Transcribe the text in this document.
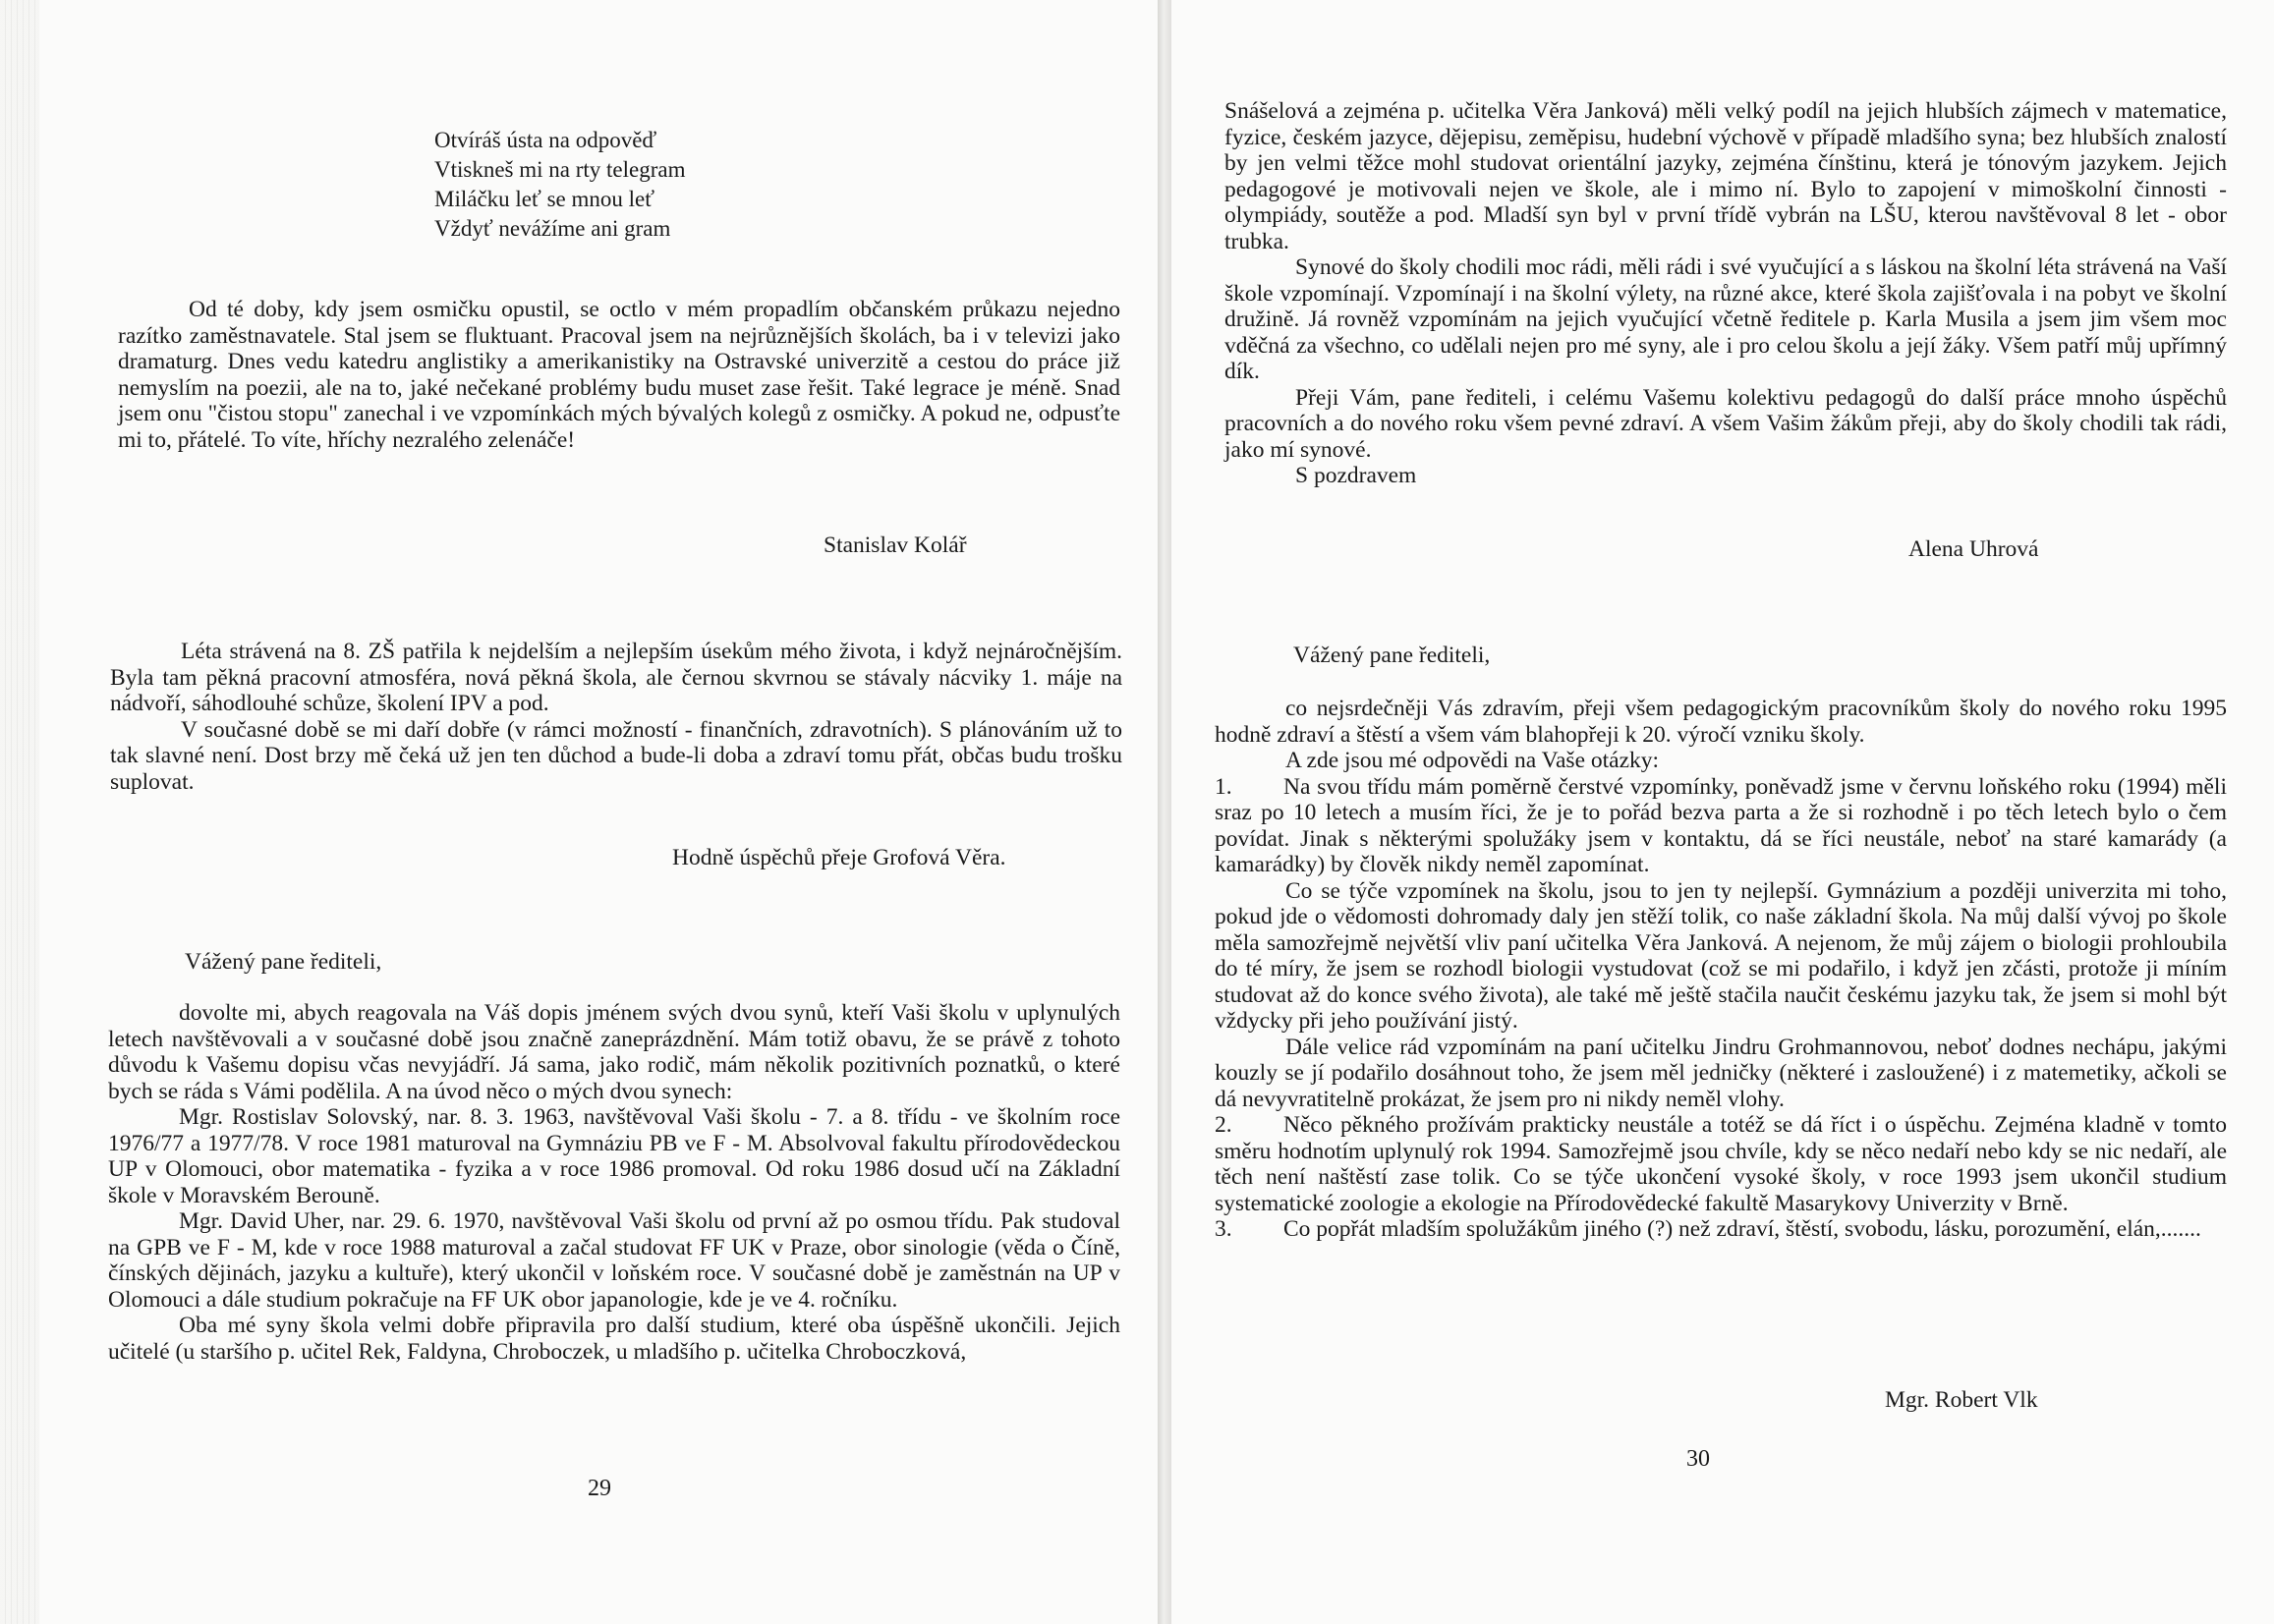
Otvíráš ústa na odpověď
Vtiskneš mi na rty telegram
Miláčku leť se mnou leť
Vždyť nevážíme ani gram

Od té doby, kdy jsem osmičku opustil, se octlo v mém propadlím občanském průkazu nejedno razítko zaměstnavatele. Stal jsem se fluktuant. Pracoval jsem na nejrůznějších školách, ba i v televizi jako dramaturg. Dnes vedu katedru anglistiky a amerikanistiky na Ostravské univerzitě a cestou do práce již nemyslím na poezii, ale na to, jaké nečekané problémy budu muset zase řešit. Také legrace je méně. Snad jsem onu "čistou stopu" zanechal i ve vzpomínkách mých bývalých kolegů z osmičky. A pokud ne, odpusťte mi to, přátelé. To víte, hříchy nezralého zelenáče!

Stanislav Kolář

Léta strávená na 8. ZŠ patřila k nejdelším a nejlepším úsekům mého života, i když nejnáročnějším. Byla tam pěkná pracovní atmosféra, nová pěkná škola, ale černou skvrnou se stávaly nácviky 1. máje na nádvoří, sáhodlouhé schůze, školení IPV a pod.

V současné době se mi daří dobře (v rámci možností - finančních, zdravotních). S plánováním už to tak slavné není. Dost brzy mě čeká už jen ten důchod a bude-li doba a zdraví tomu přát, občas budu trošku suplovat.

Hodně úspěchů přeje Grofová Věra.
Vážený pane řediteli,

dovolte mi, abych reagovala na Váš dopis jménem svých dvou synů, kteří Vaši školu v uplynulých letech navštěvovali a v současné době jsou značně zaneprázdnění. Mám totiž obavu, že se právě z tohoto důvodu k Vašemu dopisu včas nevyjádří. Já sama, jako rodič, mám několik pozitivních poznatků, o které bych se ráda s Vámi podělila. A na úvod něco o mých dvou synech:

Mgr. Rostislav Solovský, nar. 8. 3. 1963, navštěvoval Vaši školu - 7. a 8. třídu - ve školním roce 1976/77 a 1977/78. V roce 1981 maturoval na Gymnáziu PB ve F - M. Absolvoval fakultu přírodovědeckou UP v Olomouci, obor matematika - fyzika a v roce 1986 promoval. Od roku 1986 dosud učí na Základní škole v Moravském Berouně.

Mgr. David Uher, nar. 29. 6. 1970, navštěvoval Vaši školu od první až po osmou třídu. Pak studoval na GPB ve F - M, kde v roce 1988 maturoval a začal studovat FF UK v Praze, obor sinologie (věda o Číně, čínských dějinách, jazyku a kultuře), který ukončil v loňském roce. V současné době je zaměstnán na UP v Olomouci a dále studium pokračuje na FF UK obor japanologie, kde je ve 4. ročníku.

Oba mé syny škola velmi dobře připravila pro další studium, které oba úspěšně ukončili. Jejich učitelé (u staršího p. učitel Rek, Faldyna, Chroboczek, u mladšího p. učitelka Chroboczková,

29

Snášelová a zejména p. učitelka Věra Janková) měli velký podíl na jejich hlubších zájmech v matematice, fyzice, českém jazyce, dějepisu, zeměpisu, hudební výchově v případě mladšího syna; bez hlubších znalostí by jen velmi těžce mohl studovat orientální jazyky, zejména čínštinu, která je tónovým jazykem. Jejich pedagogové je motivovali nejen ve škole, ale i mimo ní. Bylo to zapojení v mimoškolní činnosti - olympiády, soutěže a pod. Mladší syn byl v první třídě vybrán na LŠU, kterou navštěvoval 8 let - obor trubka.

Synové do školy chodili moc rádi, měli rádi i své vyučující a s láskou na školní léta strávená na Vaší škole vzpomínají. Vzpomínají i na školní výlety, na různé akce, které škola zajišťovala i na pobyt ve školní družině. Já rovněž vzpomínám na jejich vyučující včetně ředitele p. Karla Musila a jsem jim všem moc vděčná za všechno, co udělali nejen pro mé syny, ale i pro celou školu a její žáky. Všem patří můj upřímný dík.

Přeji Vám, pane řediteli, i celému Vašemu kolektivu pedagogů do další práce mnoho úspěchů pracovních a do nového roku všem pevné zdraví. A všem Vašim žákům přeji, aby do školy chodili tak rádi, jako mí synové.

S pozdravem

Alena Uhrová
Vážený pane řediteli,

co nejsrdečněji Vás zdravím, přeji všem pedagogickým pracovníkům školy do nového roku 1995 hodně zdraví a štěstí a všem vám blahopřeji k 20. výročí vzniku školy.

A zde jsou mé odpovědi na Vaše otázky:

1. Na svou třídu mám poměrně čerstvé vzpomínky, poněvadž jsme v červnu loňského roku (1994) měli sraz po 10 letech a musím říci, že je to pořád bezva parta a že si rozhodně i po těch letech bylo o čem povídat. Jinak s některými spolužáky jsem v kontaktu, dá se říci neustále, neboť na staré kamarády (a kamarádky) by člověk nikdy neměl zapomínat.

Co se týče vzpomínek na školu, jsou to jen ty nejlepší. Gymnázium a později univerzita mi toho, pokud jde o vědomosti dohromady daly jen stěží tolik, co naše základní škola. Na můj další vývoj po škole měla samozřejmě největší vliv paní učitelka Věra Janková. A nejenom, že můj zájem o biologii prohloubila do té míry, že jsem se rozhodl biologii vystudovat (což se mi podařilo, i když jen zčásti, protože ji míním studovat až do konce svého života), ale také mě ještě stačila naučit českému jazyku tak, že jsem si mohl být vždycky při jeho používání jistý.

Dále velice rád vzpomínám na paní učitelku Jindru Grohmannovou, neboť dodnes nechápu, jakými kouzly se jí podařilo dosáhnout toho, že jsem měl jedničky (některé i zasloužené) i z matemetiky, ačkoli se dá nevyvratitelně prokázat, že jsem pro ni nikdy neměl vlohy.

2. Něco pěkného prožívám prakticky neustále a totéž se dá říct i o úspěchu. Zejména kladně v tomto směru hodnotím uplynulý rok 1994. Samozřejmě jsou chvíle, kdy se něco nedaří nebo kdy se nic nedaří, ale těch není naštěstí zase tolik. Co se týče ukončení vysoké školy, v roce 1993 jsem ukončil studium systematické zoologie a ekologie na Přírodovědecké fakultě Masarykovy Univerzity v Brně.

3. Co popřát mladším spolužákům jiného (?) než zdraví, štěstí, svobodu, lásku, porozumění, elán,.......

Mgr. Robert Vlk
30
